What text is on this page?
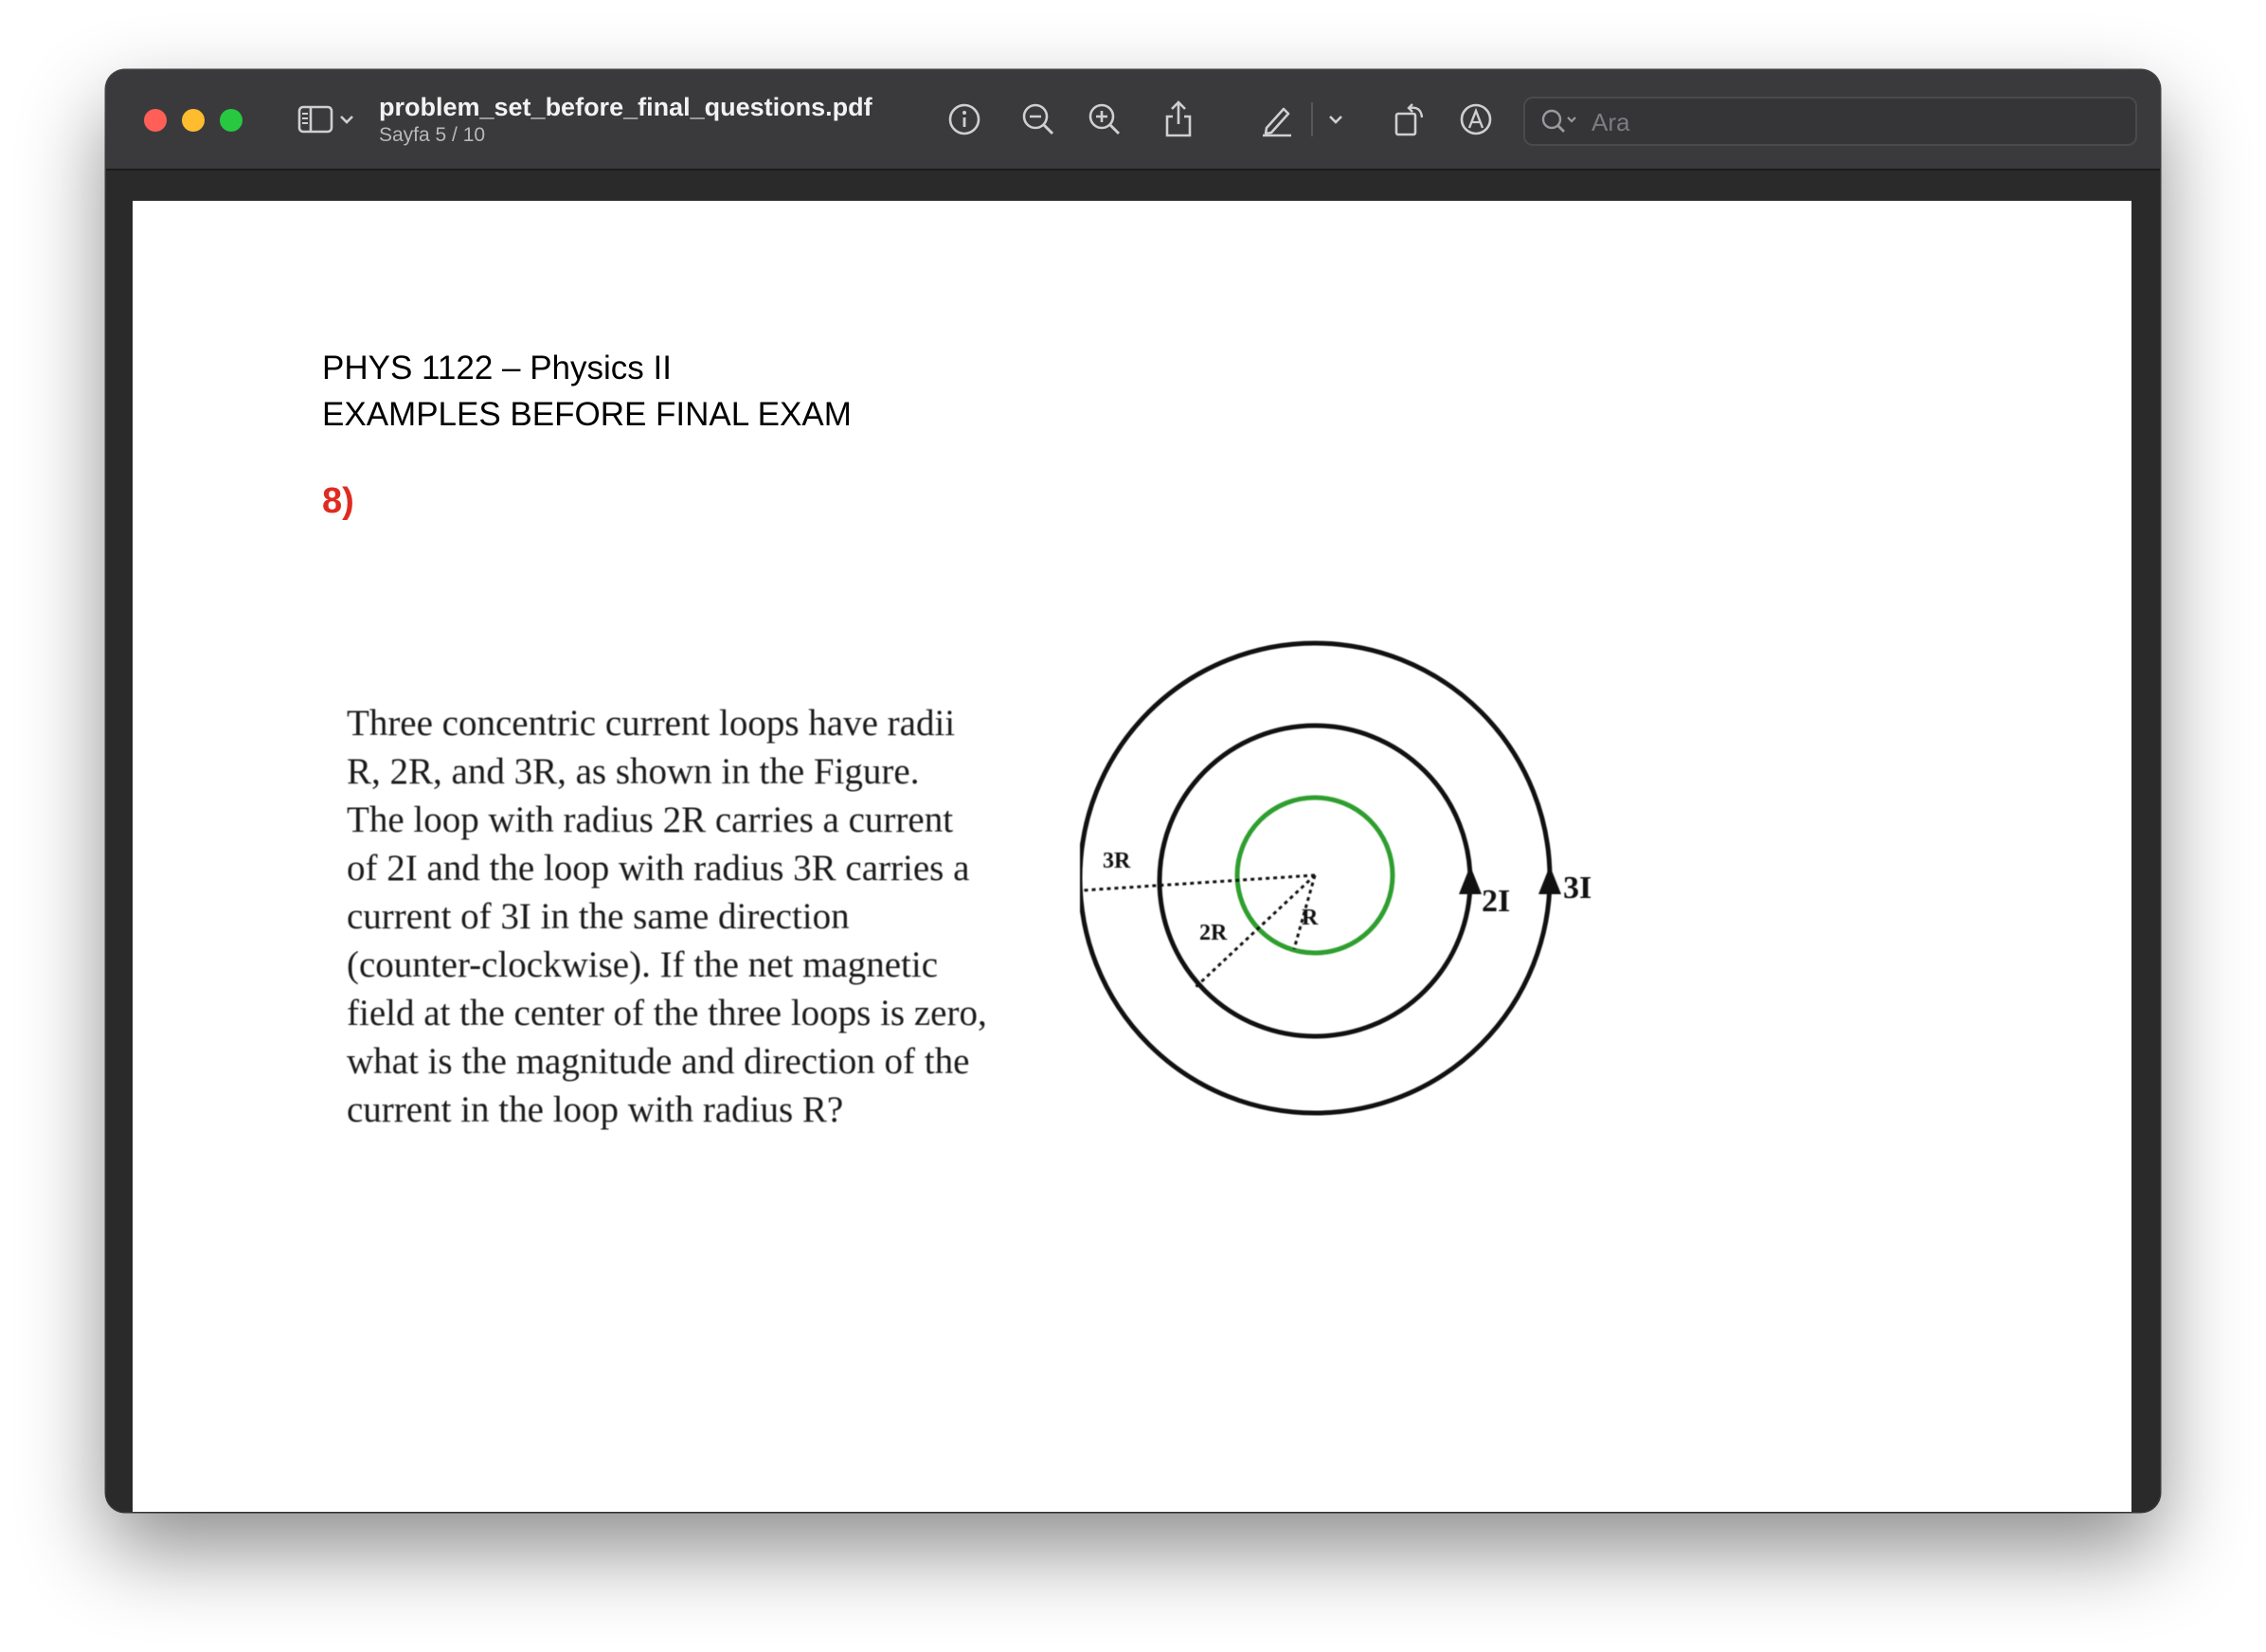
problem_set_before_final_questions.pdf
Sayfa 5 / 10
Ara
PHYS 1122 – Physics II
EXAMPLES BEFORE FINAL EXAM
8)
Three concentric current loops have radii
R, 2R, and 3R, as shown in the Figure.
The loop with radius 2R carries a current
of 2I and the loop with radius 3R carries a
current of 3I in the same direction
(counter-clockwise). If the net magnetic
field at the center of the three loops is zero,
what is the magnitude and direction of the
current in the loop with radius R?
3R
2R
R	2I 3I
